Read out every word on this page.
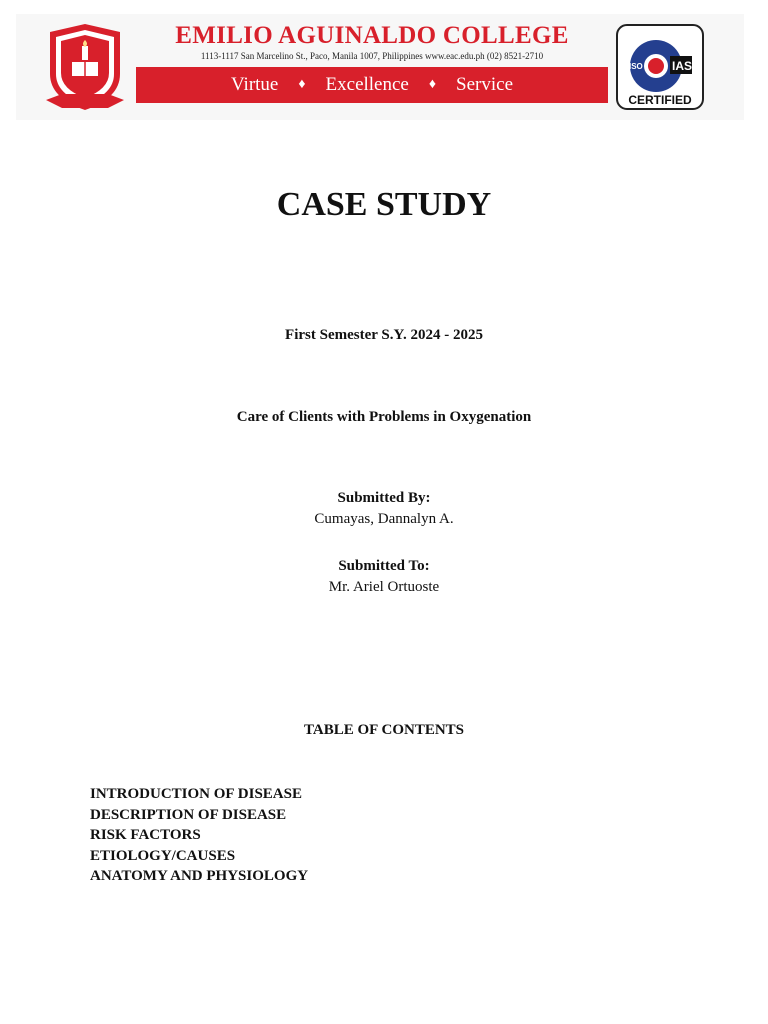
EMILIO AGUINALDO COLLEGE
1113-1117 San Marcelino St., Paco, Manila 1007, Philippines www.eac.edu.ph (02) 8521-2710
Virtue ♦ Excellence ♦ Service
ISO IAS
CERTIFIED
CASE STUDY
First Semester S.Y. 2024 - 2025
Care of Clients with Problems in Oxygenation
Submitted By:
Cumayas, Dannalyn A.
Submitted To:
Mr. Ariel Ortuoste
TABLE OF CONTENTS
INTRODUCTION OF DISEASE
DESCRIPTION OF DISEASE
RISK FACTORS
ETIOLOGY/CAUSES
ANATOMY AND PHYSIOLOGY
